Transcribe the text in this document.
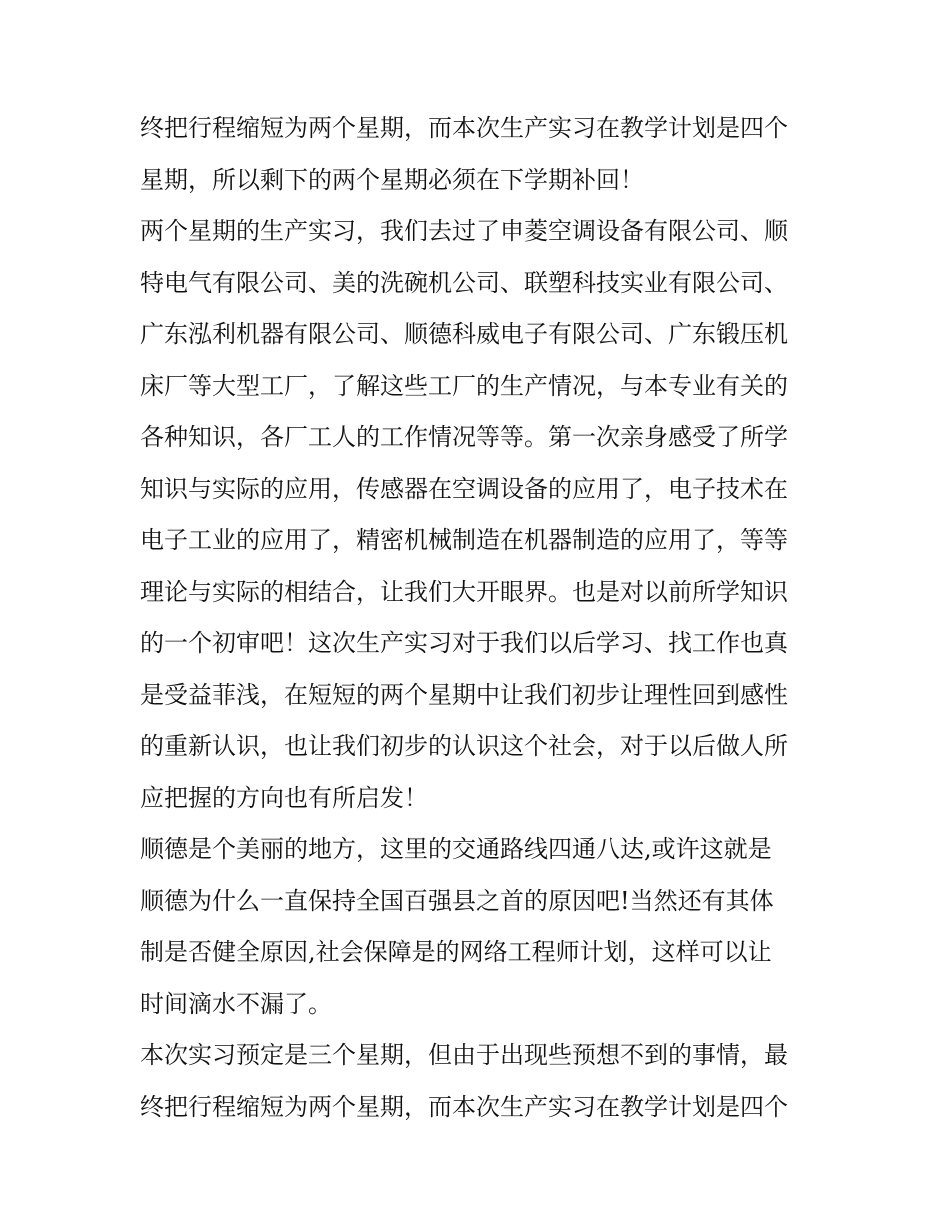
终把行程缩短为两个星期，而本次生产实习在教学计划是四个
星期，所以剩下的两个星期必须在下学期补回！
两个星期的生产实习，我们去过了申菱空调设备有限公司、顺
特电气有限公司、美的洗碗机公司、联塑科技实业有限公司、
广东泓利机器有限公司、顺德科威电子有限公司、广东锻压机
床厂等大型工厂，了解这些工厂的生产情况，与本专业有关的
各种知识，各厂工人的工作情况等等。第一次亲身感受了所学
知识与实际的应用，传感器在空调设备的应用了，电子技术在
电子工业的应用了，精密机械制造在机器制造的应用了，等等
理论与实际的相结合，让我们大开眼界。也是对以前所学知识
的一个初审吧！这次生产实习对于我们以后学习、找工作也真
是受益菲浅，在短短的两个星期中让我们初步让理性回到感性
的重新认识，也让我们初步的认识这个社会，对于以后做人所
应把握的方向也有所启发！
顺德是个美丽的地方，这里的交通路线四通八达,或许这就是
顺德为什么一直保持全国百强县之首的原因吧!当然还有其体
制是否健全原因,社会保障是的网络工程师计划，这样可以让
时间滴水不漏了。
本次实习预定是三个星期，但由于出现些预想不到的事情，最
终把行程缩短为两个星期，而本次生产实习在教学计划是四个
